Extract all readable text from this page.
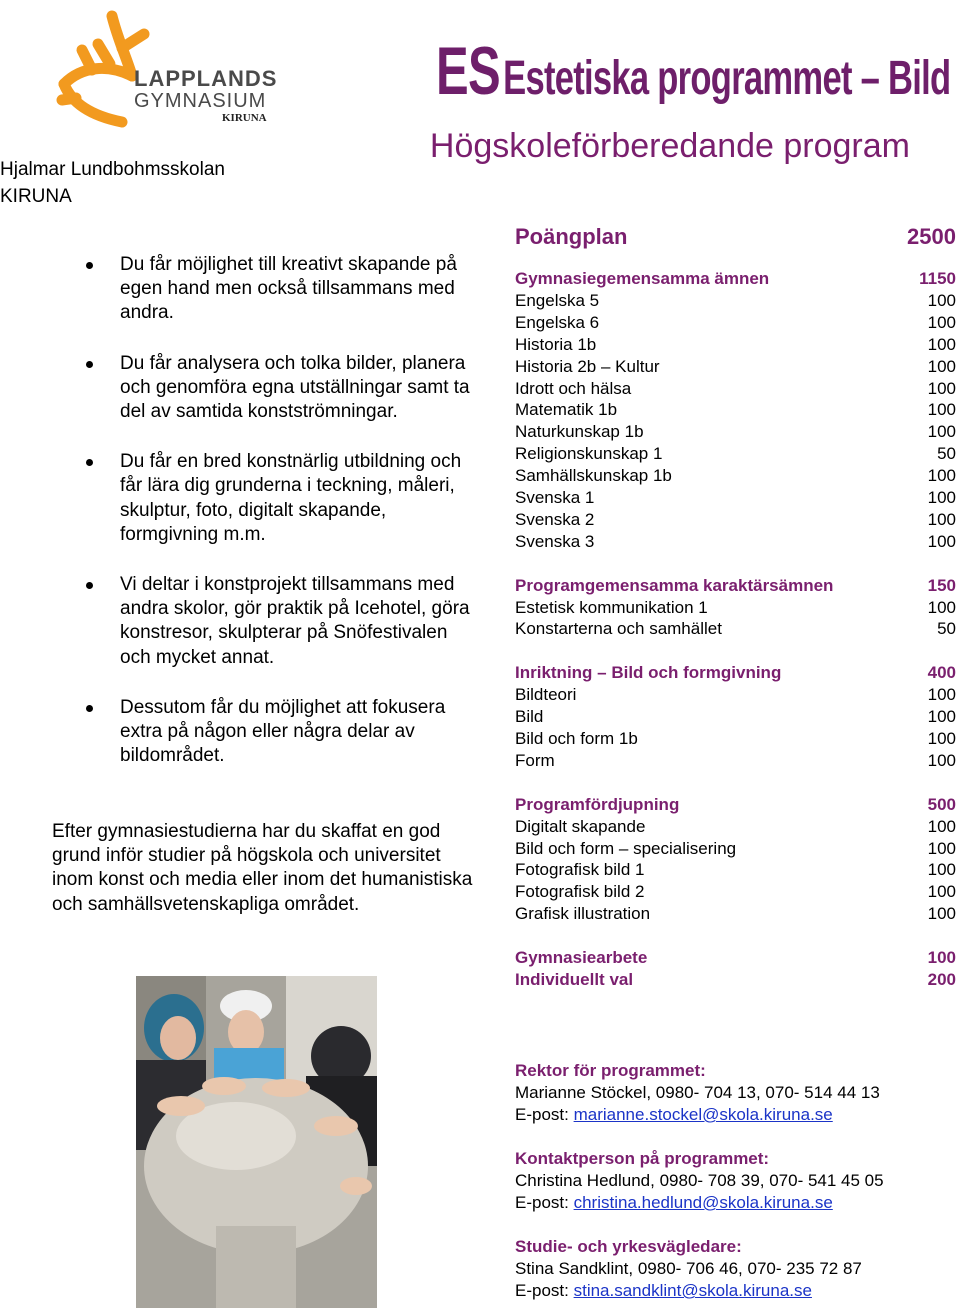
LAPPLANDS
GYMNASIUM
KIRUNA
Hjalmar Lundbohmsskolan
KIRUNA
ES Estetiska programmet – Bild
Högskoleförberedande program
Du får möjlighet till kreativt skapande på egen hand men också tillsammans med andra.
Du får analysera och tolka bilder, planera och genomföra egna utställningar samt ta del av samtida konstströmningar.
Du får en bred konstnärlig utbildning och får lära dig grunderna i teckning, måleri, skulptur, foto, digitalt skapande, formgivning m.m.
Vi deltar i konstprojekt tillsammans med andra skolor, gör praktik på Icehotel, göra konstresor, skulpterar på Snöfestivalen och mycket annat.
Dessutom får du möjlighet att fokusera extra på någon eller några delar av bildområdet.
Efter gymnasiestudierna har du skaffat en god grund inför studier på högskola och universitet inom konst och media eller inom det humanistiska och samhällsvetenskapliga området.
Poängplan	2500
Gymnasiegemensamma ämnen	1150
Engelska 5	100
Engelska 6	100
Historia 1b	100
Historia 2b – Kultur	100
Idrott och hälsa	100
Matematik 1b	100
Naturkunskap 1b	100
Religionskunskap 1	50
Samhällskunskap 1b	100
Svenska 1	100
Svenska 2	100
Svenska 3	100
Programgemensamma karaktärsämnen	150
Estetisk kommunikation 1	100
Konstarterna och samhället	50
Inriktning – Bild och formgivning	400
Bildteori	100
Bild	100
Bild och form 1b	100
Form	100
Programfördjupning	500
Digitalt skapande	100
Bild och form – specialisering	100
Fotografisk bild 1	100
Fotografisk bild 2	100
Grafisk illustration	100
Gymnasiearbete	100
Individuellt val	200
Rektor för programmet:
Marianne Stöckel, 0980- 704 13, 070- 514 44 13
E-post: marianne.stockel@skola.kiruna.se
Kontaktperson på programmet:
Christina Hedlund, 0980- 708 39, 070- 541 45 05
E-post: christina.hedlund@skola.kiruna.se
Studie- och yrkesvägledare:
Stina Sandklint, 0980- 706 46, 070- 235 72 87
E-post: stina.sandklint@skola.kiruna.se
